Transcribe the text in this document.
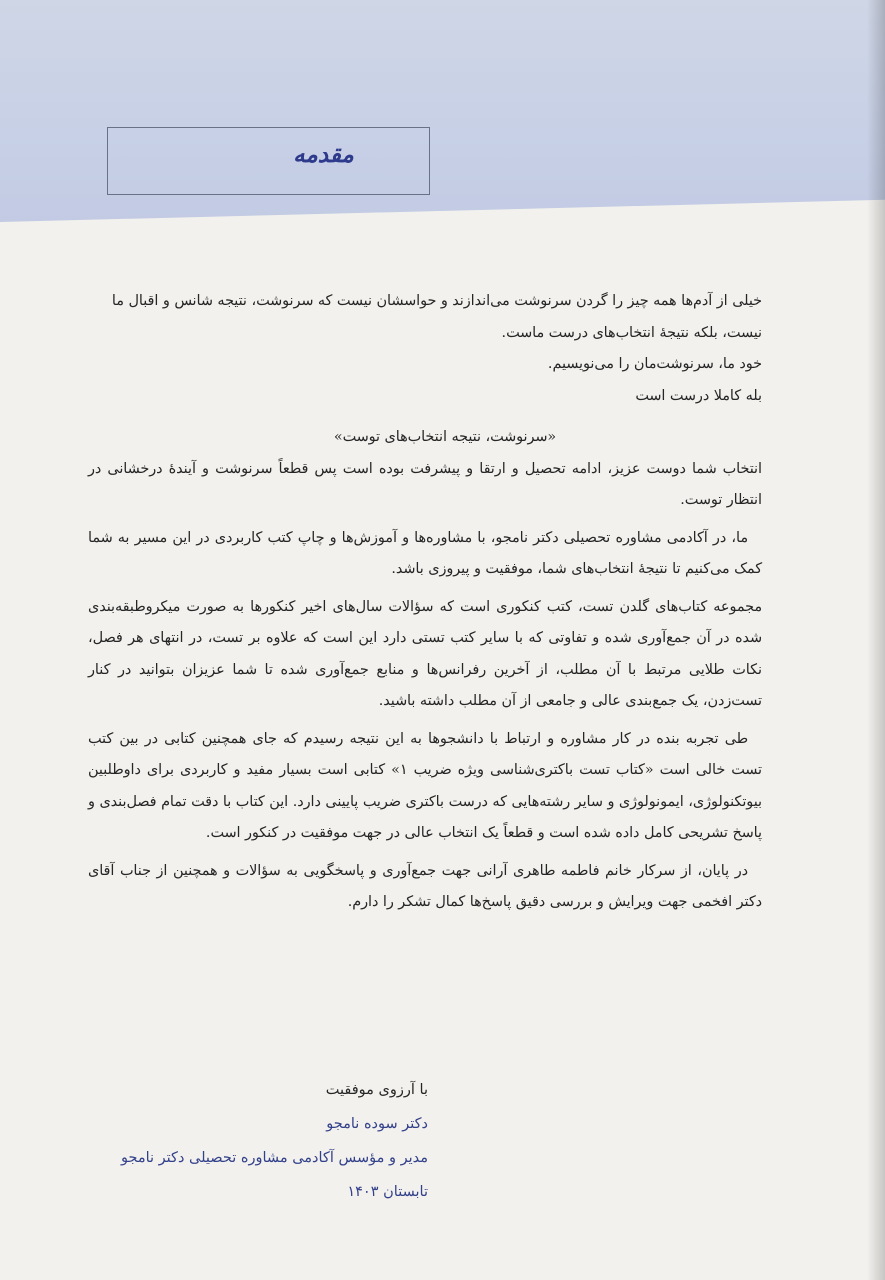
مقدمه

خیلی از آدم‌ها همه چیز را گردن سرنوشت می‌اندازند و حواسشان نیست که سرنوشت، نتیجه شانس و اقبال ما

نیست، بلکه نتیجهٔ انتخاب‌های درست ماست.

خود ما، سرنوشت‌مان را می‌نویسیم.

بله کاملا درست است

«سرنوشت، نتیجه انتخاب‌های توست»

انتخاب شما دوست عزیز، ادامه تحصیل و ارتقا و پیشرفت بوده است پس قطعاً سرنوشت و آیندهٔ درخشانی در انتظار توست.

ما، در آکادمی مشاوره تحصیلی دکتر نامجو، با مشاوره‌ها و آموزش‌ها و چاپ کتب کاربردی در این مسیر به شما کمک می‌کنیم تا نتیجهٔ انتخاب‌های شما، موفقیت و پیروزی باشد.

مجموعه کتاب‌های گلدن تست، کتب کنکوری است که سؤالات سال‌های اخیر کنکورها به صورت میکروطبقه‌بندی شده در آن جمع‌آوری شده و تفاوتی که با سایر کتب تستی دارد این است که علاوه بر تست، در انتهای هر فصل، نکات طلایی مرتبط با آن مطلب، از آخرین رفرانس‌ها و منابع جمع‌آوری شده تا شما عزیزان بتوانید در کنار تست‌زدن، یک جمع‌بندی عالی و جامعی از آن مطلب داشته باشید.

طی تجربه بنده در کار مشاوره و ارتباط با دانشجوها به این نتیجه رسیدم که جای همچنین کتابی در بین کتب تست خالی است «کتاب تست باکتری‌شناسی ویژه ضریب ۱» کتابی است بسیار مفید و کاربردی برای داوطلبین بیوتکنولوژی، ایمونولوژی و سایر رشته‌هایی که درست باکتری ضریب پایینی دارد. این کتاب با دقت تمام فصل‌بندی و پاسخ تشریحی کامل داده شده است و قطعاً یک انتخاب عالی در جهت موفقیت در کنکور است.

در پایان، از سرکار خانم فاطمه طاهری آرانی جهت جمع‌آوری و پاسخگویی به سؤالات و همچنین از جناب آقای دکتر افخمی جهت ویرایش و بررسی دقیق پاسخ‌ها کمال تشکر را دارم.

با آرزوی موفقیت
دکتر سوده نامجو
مدیر و مؤسس آکادمی مشاوره تحصیلی دکتر نامجو
تابستان ۱۴۰۳
